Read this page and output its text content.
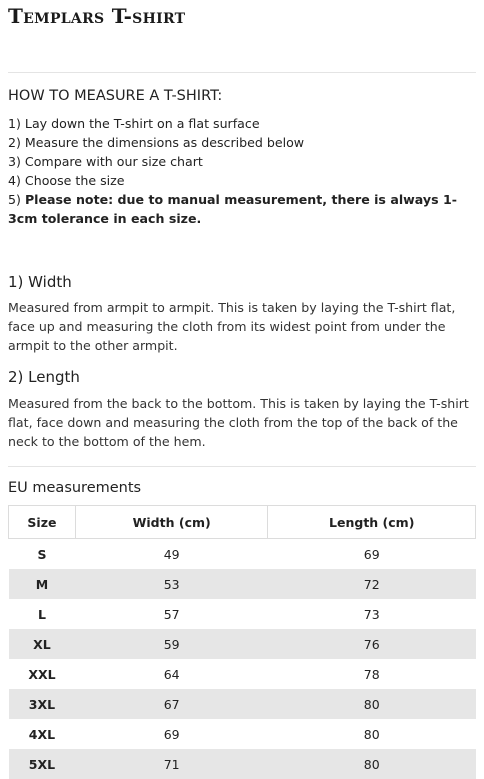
Templars T-shirt
HOW TO MEASURE A T-SHIRT:
1) Lay down the T-shirt on a flat surface
2) Measure the dimensions as described below
3) Compare with our size chart
4) Choose the size
5) Please note: due to manual measurement, there is always 1-3cm tolerance in each size.
1) Width
Measured from armpit to armpit. This is taken by laying the T-shirt flat, face up and measuring the cloth from its widest point from under the armpit to the other armpit.
2) Length
Measured from the back to the bottom. This is taken by laying the T-shirt flat, face down and measuring the cloth from the top of the back of the neck to the bottom of the hem.
EU measurements
Size	Width (cm)	Length (cm)
S	49	69
M	53	72
L	57	73
XL	59	76
XXL	64	78
3XL	67	80
4XL	69	80
5XL	71	80
